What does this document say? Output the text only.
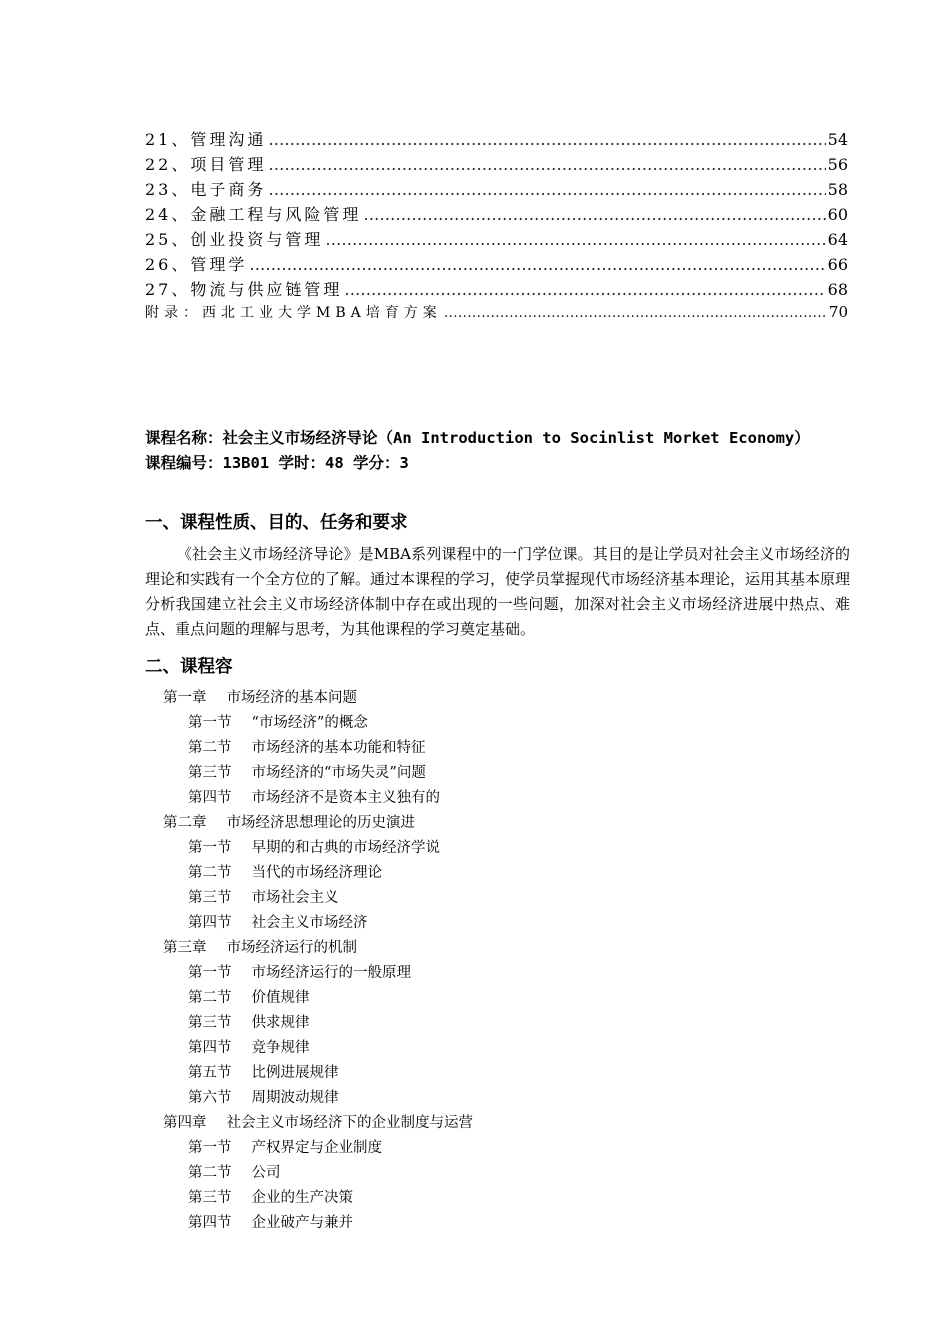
21、管理沟通 ……………………………………………………………………………………………………………………………………………………………………………………	54
22、项目管理 ……………………………………………………………………………………………………………………………………………………………………………………	56
23、电子商务 ……………………………………………………………………………………………………………………………………………………………………………………	58
24、金融工程与风险管理 ……………………………………………………………………………………………………………………………………………………………………………………	60
25、创业投资与管理 ……………………………………………………………………………………………………………………………………………………………………………………	64
26、管理学 ……………………………………………………………………………………………………………………………………………………………………………………	66
27、物流与供应链管理 ……………………………………………………………………………………………………………………………………………………………………………………	68
附录：西北工业大学MBA培育方案 ……………………………………………………………………………………………………………………………………………………………………………………	70
课程名称：社会主义市场经济导论（An Introduction to Socinlist Morket Economy）
课程编号：13B01 学时：48 学分：3
一、课程性质、目的、任务和要求

《社会主义市场经济导论》是MBA系列课程中的一门学位课。其目的是让学员对社会主义市场经济的理论和实践有一个全方位的了解。通过本课程的学习，使学员掌握现代市场经济基本理论，运用其基本原理分析我国建立社会主义市场经济体制中存在或出现的一些问题，加深对社会主义市场经济进展中热点、难点、重点问题的理解与思考，为其他课程的学习奠定基础。

二、课程容
第一章 市场经济的基本问题
第一节 “市场经济”的概念
第二节 市场经济的基本功能和特征
第三节 市场经济的“市场失灵”问题
第四节 市场经济不是资本主义独有的
第二章 市场经济思想理论的历史演进
第一节 早期的和古典的市场经济学说
第二节 当代的市场经济理论
第三节 市场社会主义
第四节 社会主义市场经济
第三章 市场经济运行的机制
第一节 市场经济运行的一般原理
第二节 价值规律
第三节 供求规律
第四节 竞争规律
第五节 比例进展规律
第六节 周期波动规律
第四章 社会主义市场经济下的企业制度与运营
第一节 产权界定与企业制度
第二节 公司
第三节 企业的生产决策
第四节 企业破产与兼并
